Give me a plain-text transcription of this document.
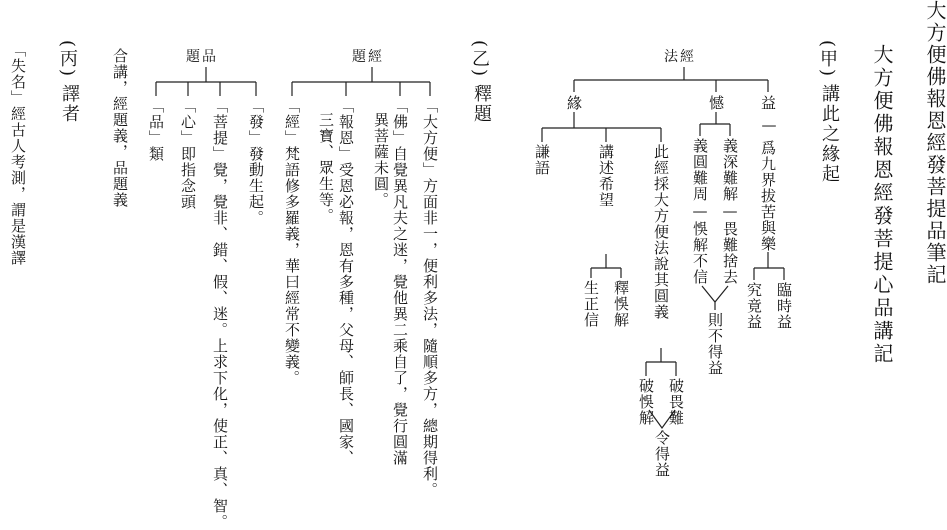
大方便佛報恩經發菩提品筆記
大方便佛報恩經發菩提心品講記
(甲)
講此之緣起
法經
益
—
爲九界拔苦與樂
臨時益
究竟益
憾
義深難解—畏難捨去
義圓難周—悞解不信
則不得益
緣
此經採大方便法說其圓義
破畏難
破悞解
令得益
講述希望
釋悞解
生正信
謙語
(乙)
釋題
題經
「大方便」方面非一，便利多法，隨順多方，總期得利。
「佛」自覺異凡夫之迷，覺他異二乘自了，覺行圓滿
異菩薩未圓。
「報恩」受恩必報，恩有多種，父母、師長、國家、
三寶、眾生等。
「經」梵語修多羅義，華曰經常不變義。
題品
「發」發動生起。
「菩提」覺，覺非、錯、假、迷。上求下化，使正、真、智。
「心」即指念頭
「品」類
合講，經題義，品題義
(丙)
譯者
「失名」經古人考測，謂是漢譯
